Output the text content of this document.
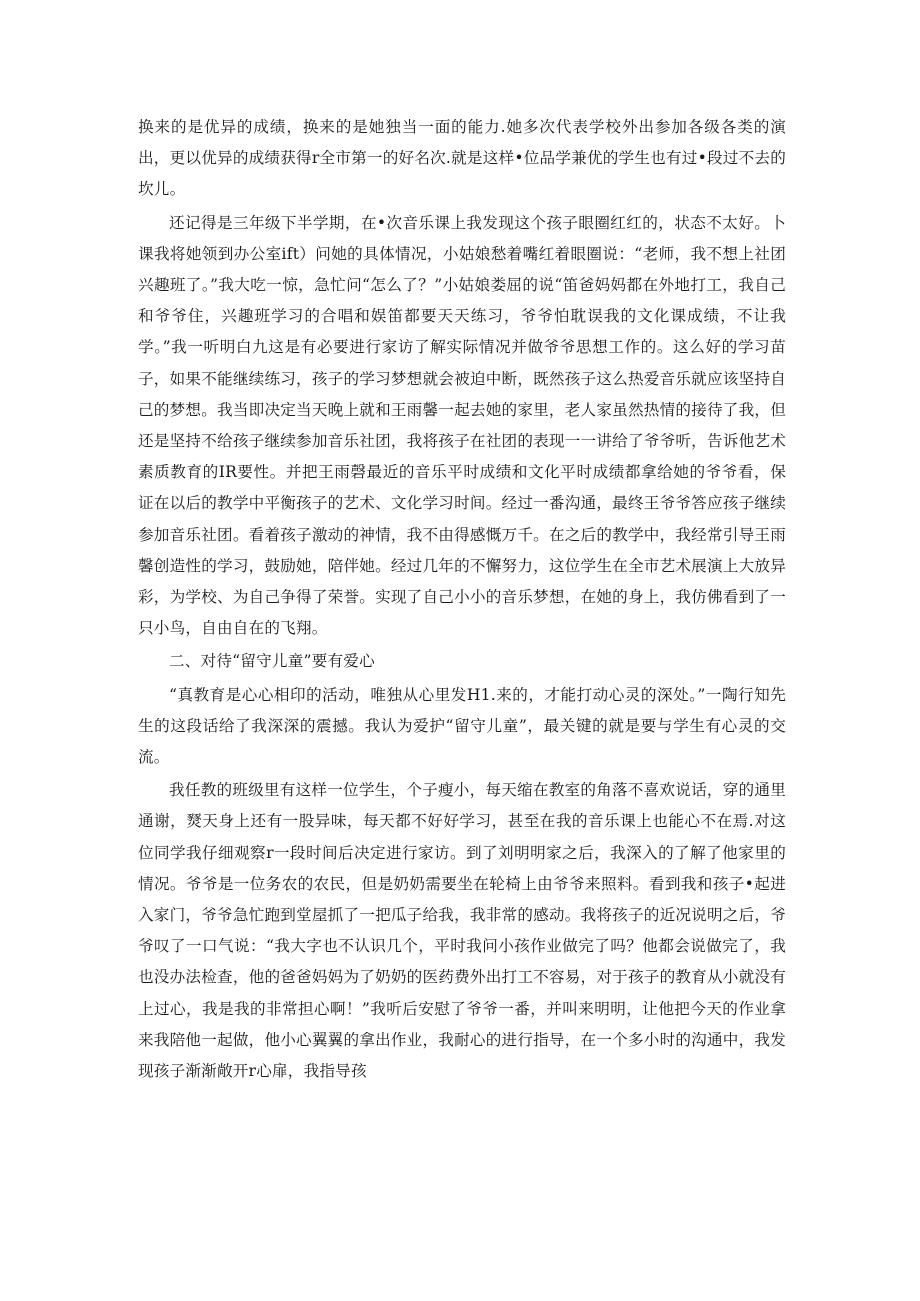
换来的是优异的成绩，换来的是她独当一面的能力.她多次代表学校外出参加各级各类的演出，更以优异的成绩获得r全市第一的好名次.就是这样•位品学兼优的学生也有过•段过不去的坎儿。

还记得是三年级下半学期，在•次音乐课上我发现这个孩子眼圈红红的，状态不太好。卜课我将她领到办公室ift）问她的具体情况，小姑娘愁着嘴红着眼圈说：“老师，我不想上社团兴趣班了。”我大吃一惊，急忙问“怎么了？”小姑娘娄屈的说“笛爸妈妈都在外地打工，我自己和爷爷住，兴趣班学习的合唱和娱笛都要天天练习，爷爷怕耽误我的文化课成绩，不让我学。”我一听明白九这是有必要进行家访了解实际情况并做爷爷思想工作的。这么好的学习苗子，如果不能继续练习，孩子的学习梦想就会被迫中断，既然孩子这么热爱音乐就应该坚持自己的梦想。我当即决定当天晚上就和王雨馨一起去她的家里，老人家虽然热情的接待了我，但还是坚持不给孩子继续参加音乐社团，我将孩子在社团的表现一一讲给了爷爷听，告诉他艺术素质教育的IR要性。并把王雨磬最近的音乐平时成绩和文化平时成绩都拿给她的爷爷看，保证在以后的教学中平衡孩子的艺术、文化学习时间。经过一番沟通，最终王爷爷答应孩子继续参加音乐社团。看着孩子激动的神情，我不由得感慨万千。在之后的教学中，我经常引导王雨馨创造性的学习，鼓励她，陪伴她。经过几年的不懈努力，这位学生在全市艺术展演上大放异彩，为学校、为自己争得了荣誉。实现了自己小小的音乐梦想，在她的身上，我仿佛看到了一只小鸟，自由自在的飞翔。

二、对待“留守儿童”要有爱心

“真教育是心心相印的活动，唯独从心里发H1.来的，才能打动心灵的深处。”一陶行知先生的这段话给了我深深的震撼。我认为爱护“留守儿童”，最关键的就是要与学生有心灵的交流。

我任教的班级里有这样一位学生，个子瘦小，每天缩在教室的角落不喜欢说话，穿的通里通谢，燹天身上还有一股异味，每天都不好好学习，甚至在我的音乐课上也能心不在焉.对这位同学我仔细观察r一段时间后决定进行家访。到了刘明明家之后，我深入的了解了他家里的情况。爷爷是一位务农的农民，但是奶奶需要坐在轮椅上由爷爷来照料。看到我和孩子•起进入家门，爷爷急忙跑到堂屋抓了一把瓜子给我，我非常的感动。我将孩子的近况说明之后，爷爷叹了一口气说：“我大字也不认识几个，平时我问小孩作业做完了吗？他都会说做完了，我也没办法检查，他的爸爸妈妈为了奶奶的医药费外出打工不容易，对于孩子的教育从小就没有上过心，我是我的非常担心啊！”我听后安慰了爷爷一番，并叫来明明，让他把今天的作业拿来我陪他一起做，他小心翼翼的拿出作业，我耐心的进行指导，在一个多小时的沟通中，我发现孩子渐渐敞开r心扉，我指导孩
